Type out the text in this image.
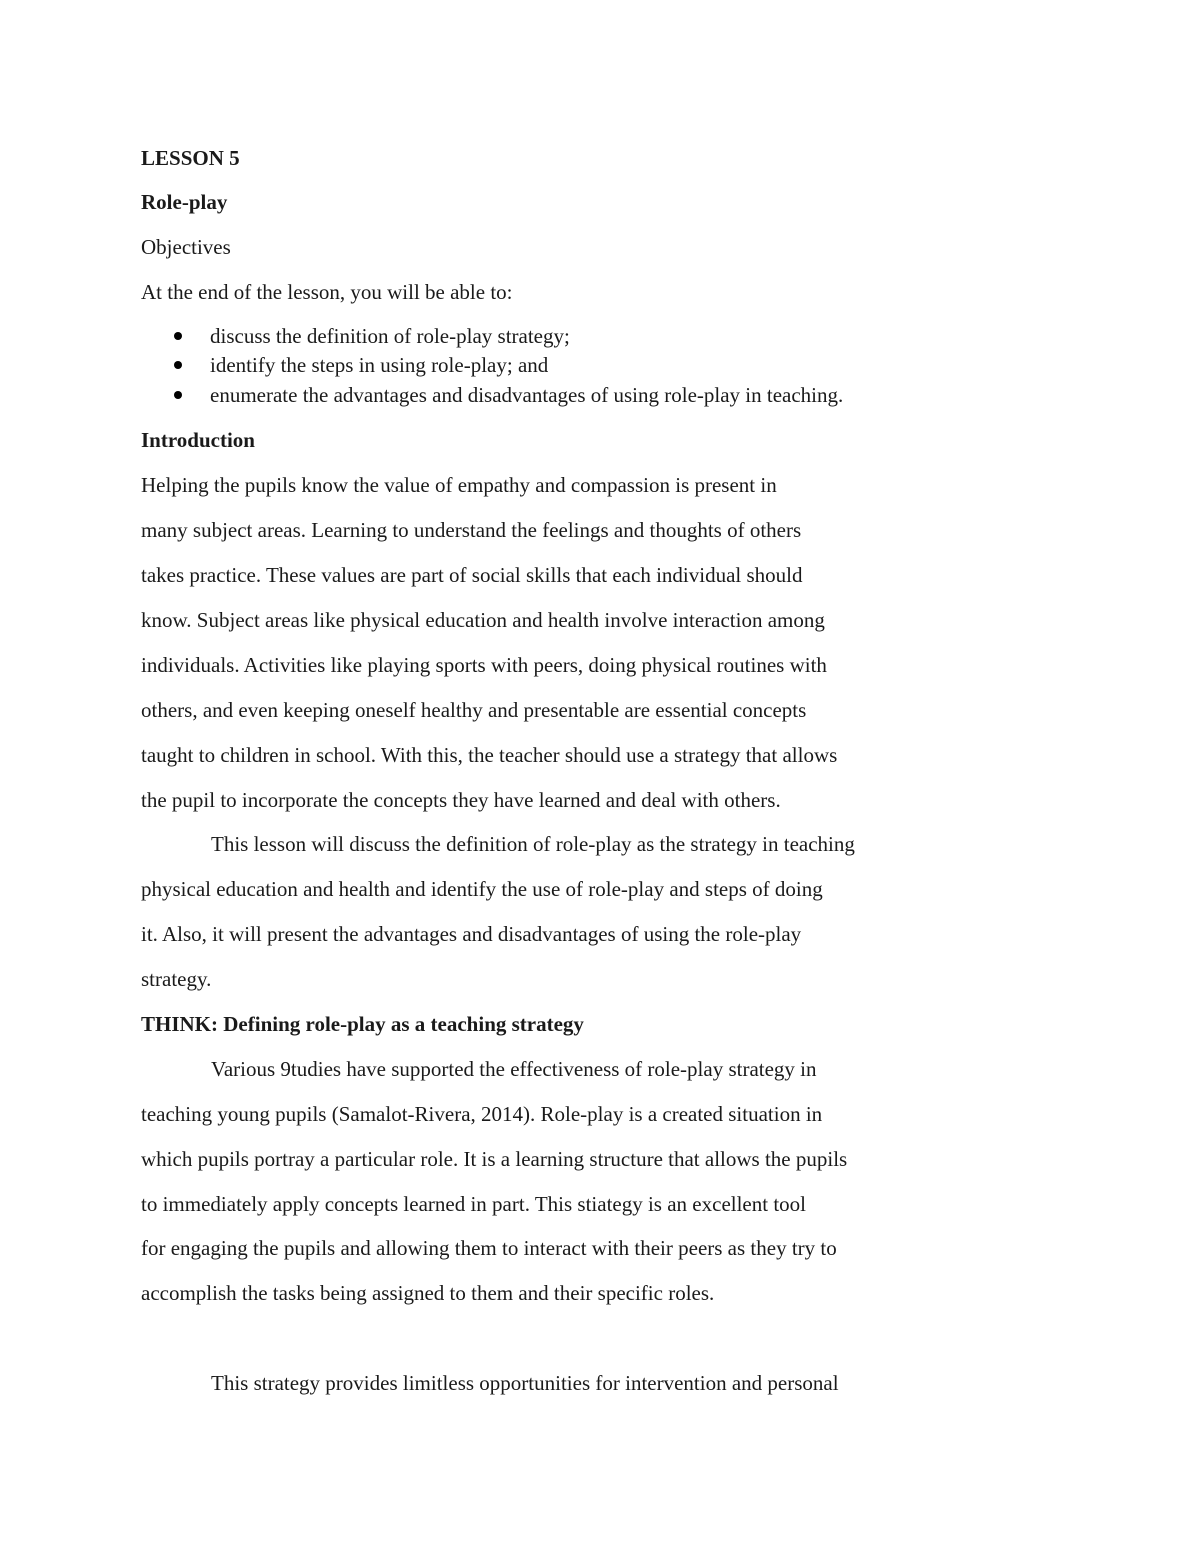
LESSON 5
Role-play
Objectives
At the end of the lesson, you will be able to:
discuss the definition of role-play strategy;
identify the steps in using role-play; and
enumerate the advantages and disadvantages of using role-play in teaching.
Introduction
Helping the pupils know the value of empathy and compassion is present in
many subject areas. Learning to understand the feelings and thoughts of others
takes practice. These values are part of social skills that each individual should
know. Subject areas like physical education and health involve interaction among
individuals. Activities like playing sports with peers, doing physical routines with
others, and even keeping oneself healthy and presentable are essential concepts
taught to children in school. With this, the teacher should use a strategy that allows
the pupil to incorporate the concepts they have learned and deal with others.
This lesson will discuss the definition of role-play as the strategy in teaching
physical education and health and identify the use of role-play and steps of doing
it. Also, it will present the advantages and disadvantages of using the role-play
strategy.
THINK: Defining role-play as a teaching strategy
Various 9tudies have supported the effectiveness of role-play strategy in
teaching young pupils (Samalot-Rivera, 2014). Role-play is a created situation in
which pupils portray a particular role. It is a learning structure that allows the pupils
to immediately apply concepts learned in part. This stiategy is an excellent tool
for engaging the pupils and allowing them to interact with their peers as they try to
accomplish the tasks being assigned to them and their specific roles.
This strategy provides limitless opportunities for intervention and personal
